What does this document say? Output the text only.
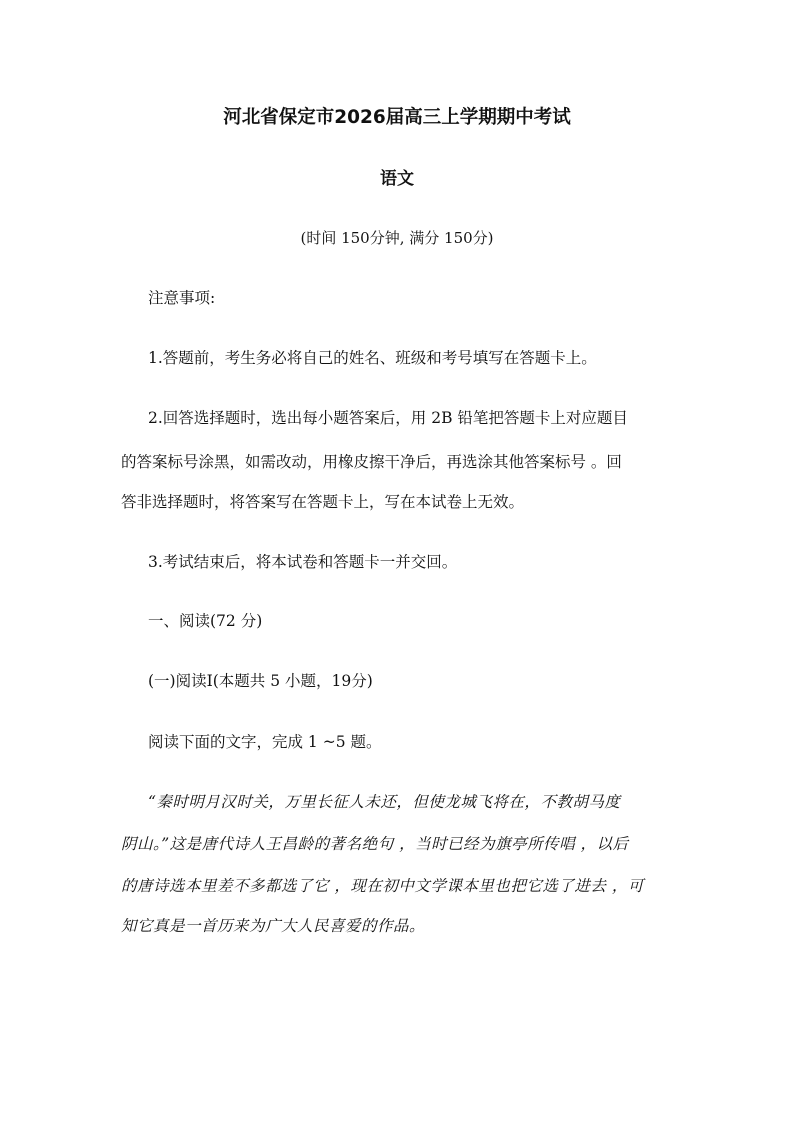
河北省保定市2026届高三上学期期中考试
语文
(时间 150分钟, 满分 150分)
注意事项:
1.答题前，考生务必将自己的姓名、班级和考号填写在答题卡上。
2.回答选择题时，选出每小题答案后，用 2B 铅笔把答题卡上对应题目
的答案标号涂黑，如需改动，用橡皮擦干净后，再选涂其他答案标号 。回
答非选择题时，将答案写在答题卡上，写在本试卷上无效。
3.考试结束后，将本试卷和答题卡一并交回。
一、阅读(72 分)
(一)阅读Ⅰ(本题共 5 小题，19分)
阅读下面的文字，完成 1 ~5 题。
“秦时明月汉时关，万里长征人未还，但使龙城飞将在，不教胡马度
阴山。”这是唐代诗人王昌龄的著名绝句 ，当时已经为旗亭所传唱 ，以后
的唐诗选本里差不多都选了它 ，现在初中文学课本里也把它选了进去 ，可
知它真是一首历来为广大人民喜爱的作品。
